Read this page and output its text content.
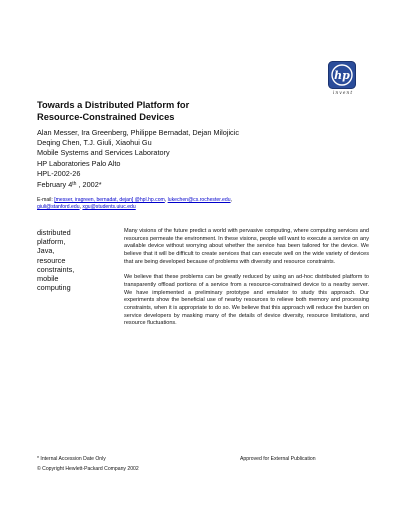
hp
invent
Towards a Distributed Platform for
Resource-Constrained Devices
Alan Messer, Ira Greenberg, Philippe Bernadat, Dejan Milojicic
Deqing Chen, T.J. Giuli, Xiaohui Gu
Mobile Systems and Services Laboratory
HP Laboratories Palo Alto
HPL-2002-26
February 4th , 2002*
E-mail: [messer, iragreen, bernadat, dejan] @hpl.hp.com, lukechen@cs.rochester.edu,
giuli@stanford.edu, xgu@students.uiuc.edu
distributed
platform,
Java,
resource
constraints,
mobile
computing

Many visions of the future predict a world with pervasive computing, where computing services and resources permeate the environment. In these visions, people will want to execute a service on any available device without worrying about whether the service has been tailored for the device. We believe that it will be difficult to create services that can execute well on the wide variety of devices that are being developed because of problems with diversity and resource constraints.

We believe that these problems can be greatly reduced by using an ad-hoc distributed platform to transparently offload portions of a service from a resource-constrained device to a nearby server. We have implemented a preliminary prototype and emulator to study this approach. Our experiments show the beneficial use of nearby resources to relieve both memory and processing constraints, when it is appropriate to do so. We believe that this approach will reduce the burden on service developers by masking many of the details of device diversity, resource limitations, and resource fluctuations.

* Internal Accession Date Only	Approved for External Publication
© Copyright Hewlett-Packard Company 2002
